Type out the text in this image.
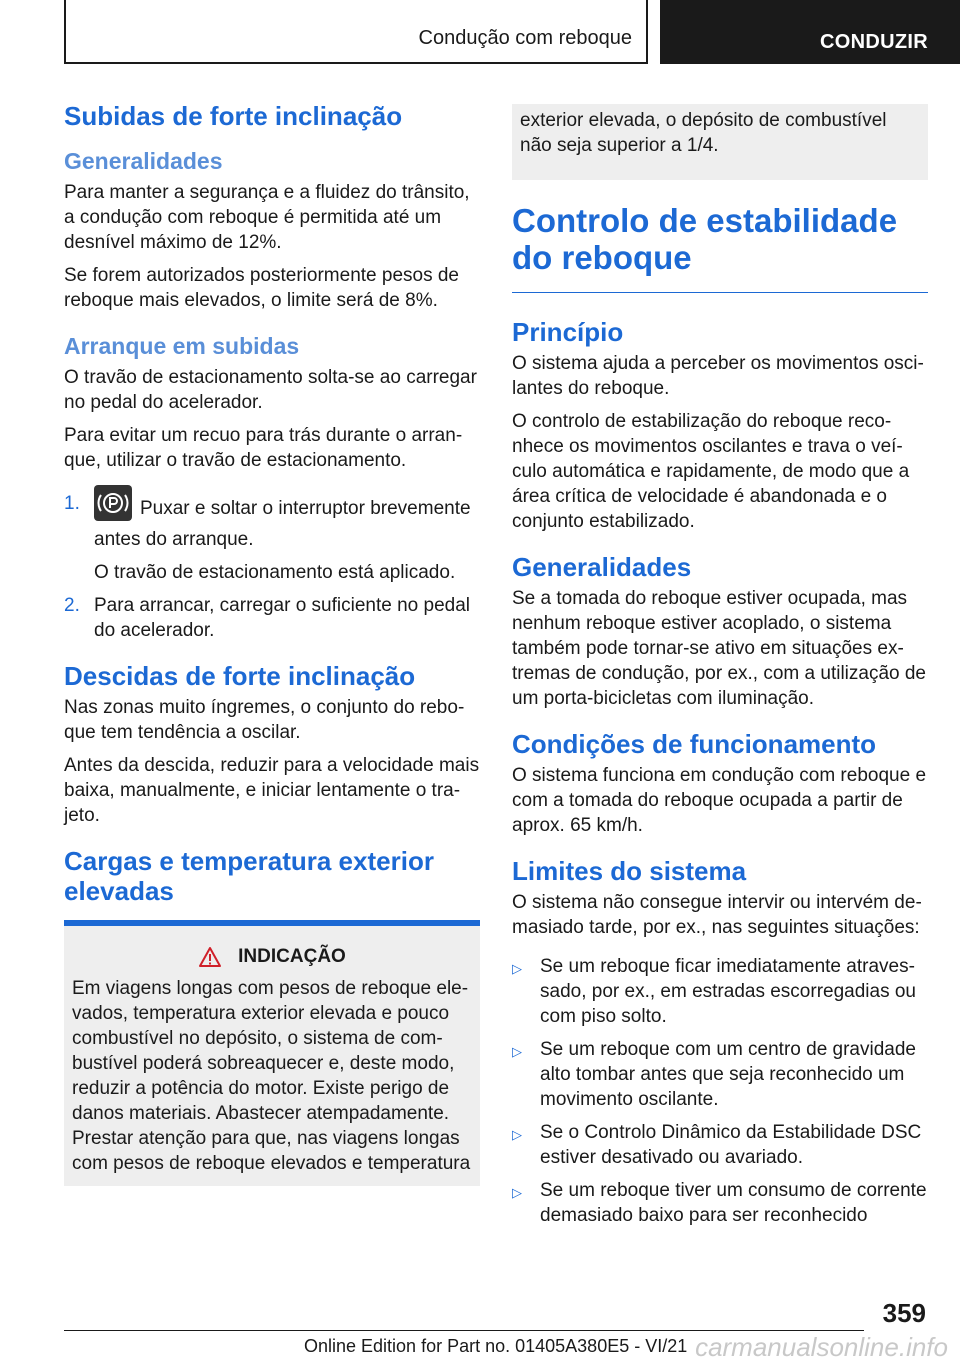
Condução com reboque	CONDUZIR
Subidas de forte inclinação
Generalidades

Para manter a segurança e a fluidez do trânsito, a condução com reboque é permitida até um desnível máximo de 12%.

Se forem autorizados posteriormente pesos de reboque mais elevados, o limite será de 8%.

Arranque em subidas

O travão de estacionamento solta-se ao carregar no pedal do acelerador.

Para evitar um recuo para trás durante o arranque, utilizar o travão de estacionamento.

1.	Puxar e soltar o interruptor brevemente antes do arranque.
O travão de estacionamento está aplicado.
2. Para arrancar, carregar o suficiente no pedal do acelerador.
Descidas de forte inclinação

Nas zonas muito íngremes, o conjunto do reboque tem tendência a oscilar.

Antes da descida, reduzir para a velocidade mais baixa, manualmente, e iniciar lentamente o trajeto.

Cargas e temperatura exterior elevadas
INDICAÇÃO

Em viagens longas com pesos de reboque elevados, temperatura exterior elevada e pouco combustível no depósito, o sistema de combustível poderá sobreaquecer e, deste modo, reduzir a potência do motor. Existe perigo de danos materiais. Abastecer atempadamente. Prestar atenção para que, nas viagens longas com pesos de reboque elevados e temperatura

exterior elevada, o depósito de combustível não seja superior a 1/4.

Controlo de estabilidade do reboque
Princípio

O sistema ajuda a perceber os movimentos oscilantes do reboque.

O controlo de estabilização do reboque reconhece os movimentos oscilantes e trava o veículo automática e rapidamente, de modo que a área crítica de velocidade é abandonada e o conjunto estabilizado.

Generalidades

Se a tomada do reboque estiver ocupada, mas nenhum reboque estiver acoplado, o sistema também pode tornar-se ativo em situações extremas de condução, por ex., com a utilização de um porta-bicicletas com iluminação.

Condições de funcionamento

O sistema funciona em condução com reboque e com a tomada do reboque ocupada a partir de aprox. 65 km/h.

Limites do sistema

O sistema não consegue intervir ou intervém demasiado tarde, por ex., nas seguintes situações:

▷ Se um reboque ficar imediatamente atravessado, por ex., em estradas escorregadias ou com piso solto.
▷ Se um reboque com um centro de gravidade alto tombar antes que seja reconhecido um movimento oscilante.
▷ Se o Controlo Dinâmico da Estabilidade DSC estiver desativado ou avariado.
▷ Se um reboque tiver um consumo de corrente demasiado baixo para ser reconhecido
359
Online Edition for Part no. 01405A380E5 - VI/21 carmanualsonline.info
